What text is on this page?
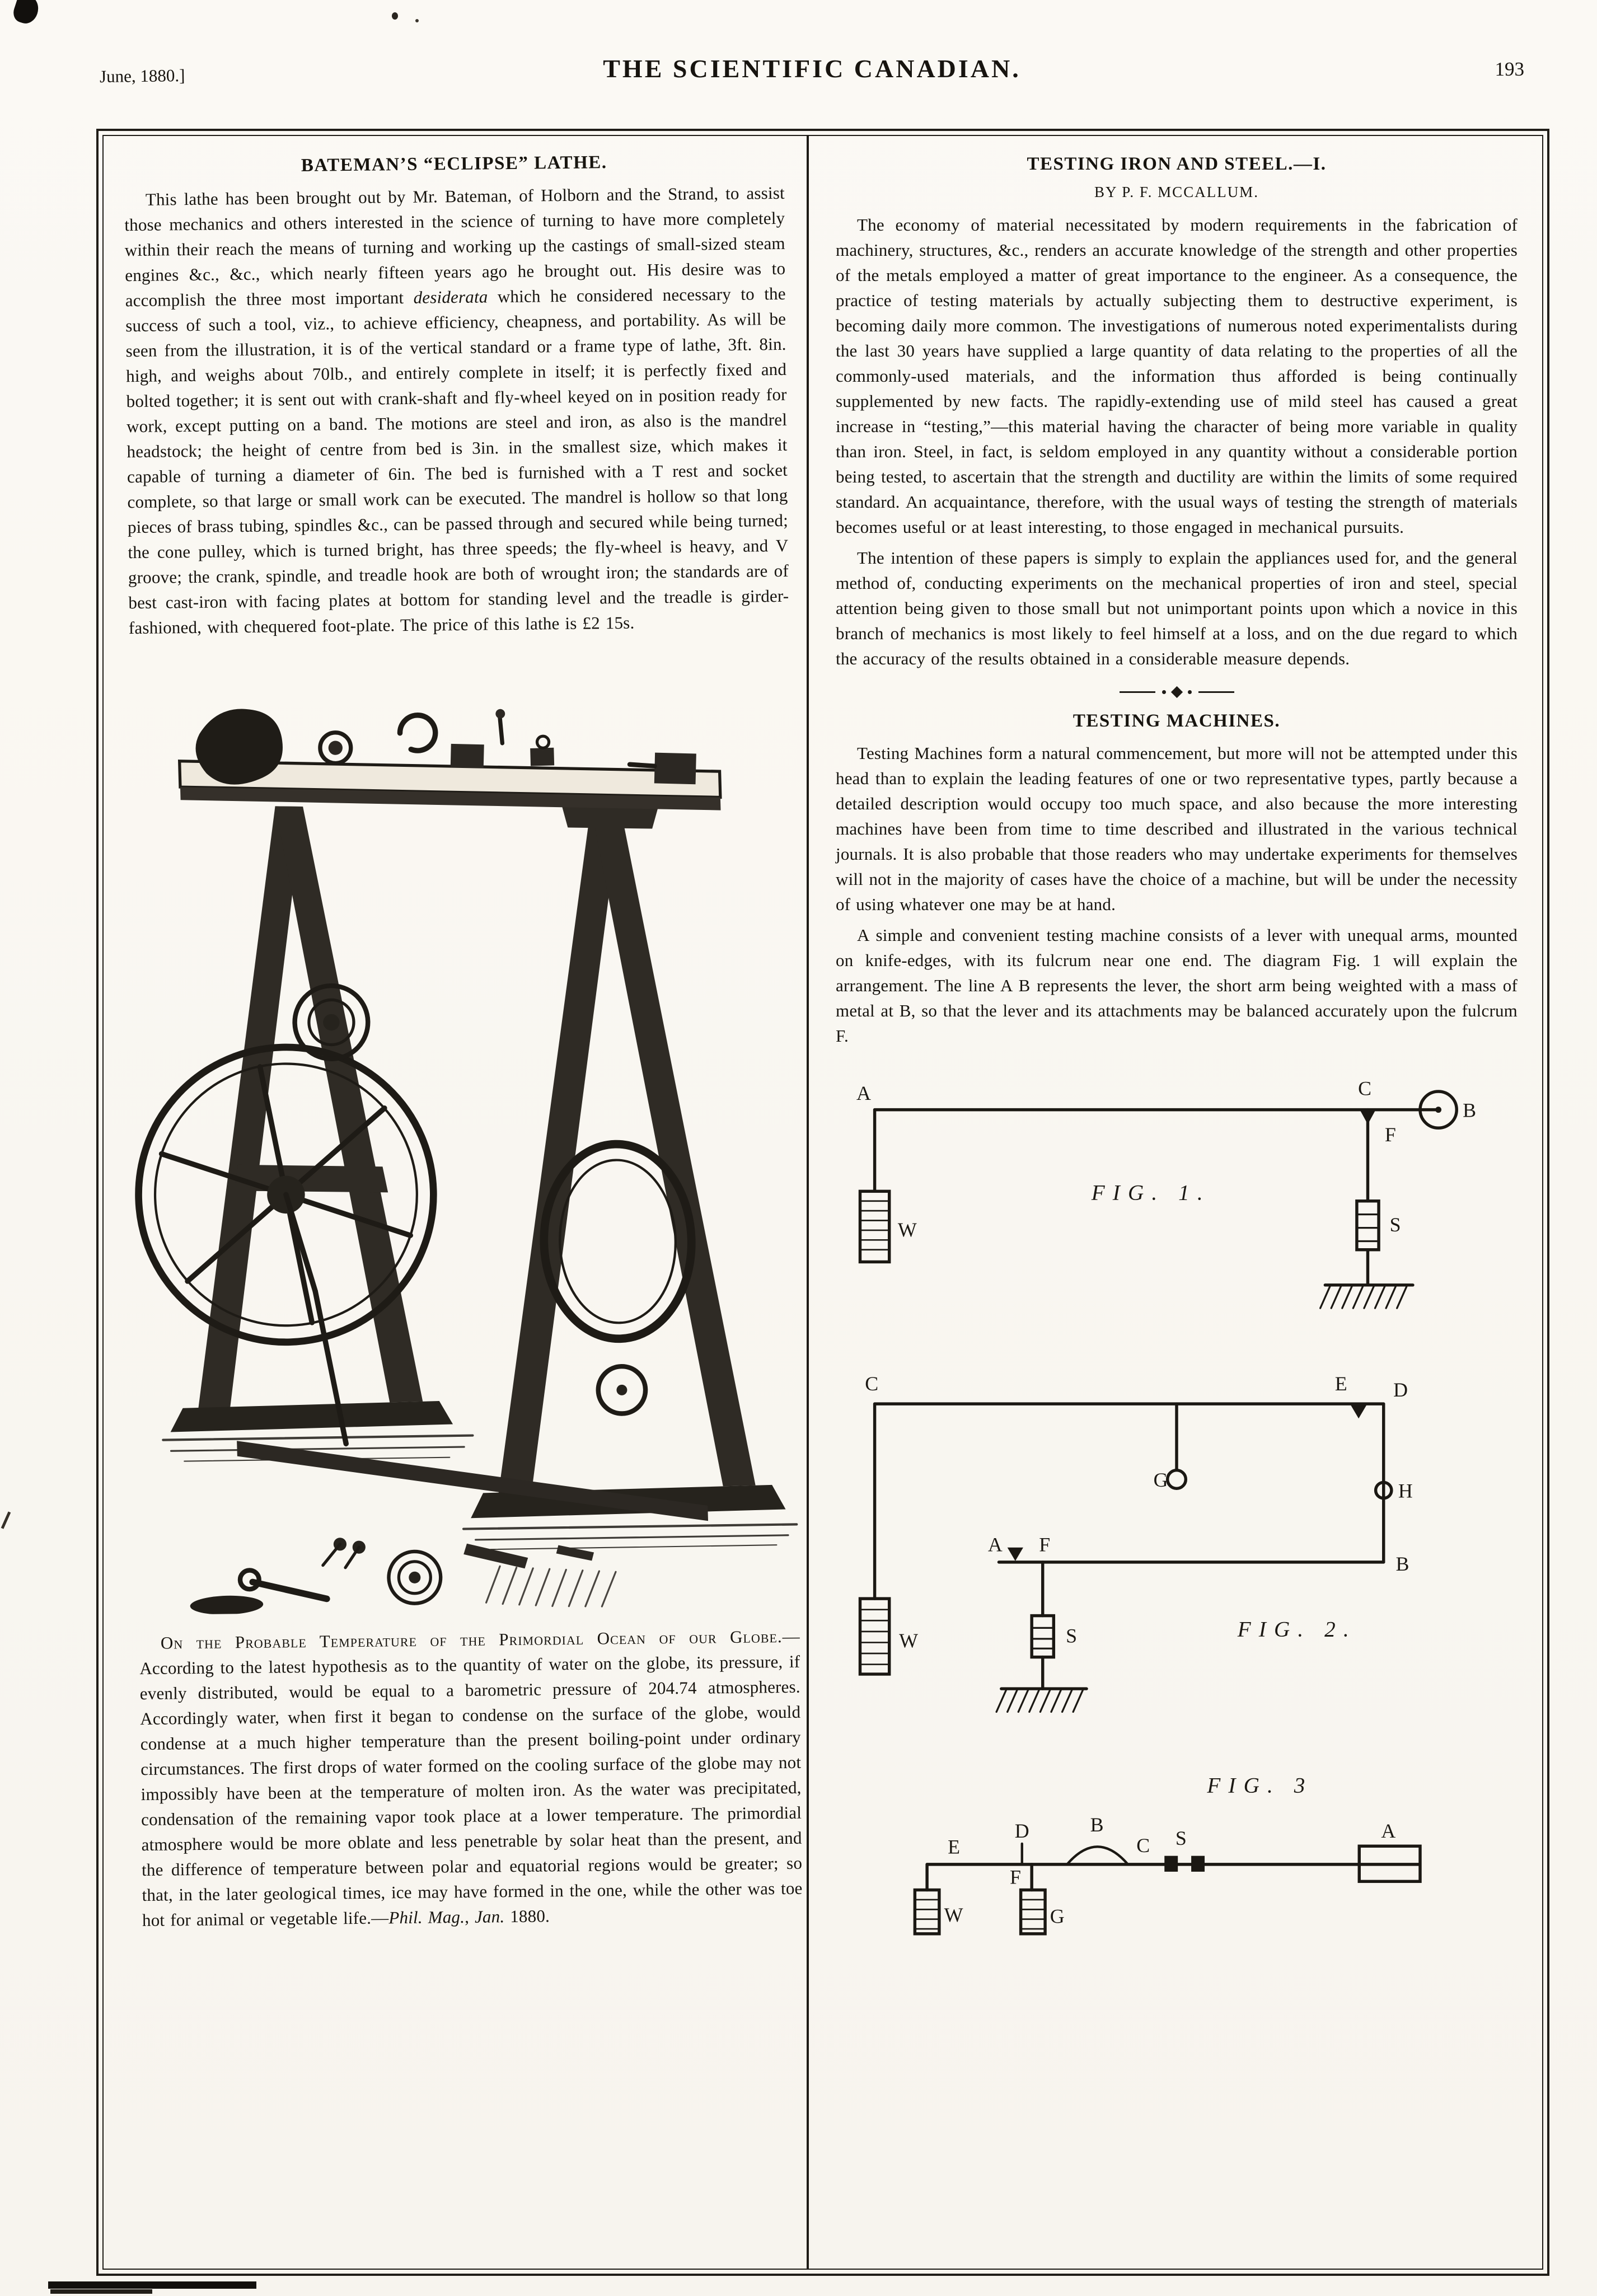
June, 1880.]	THE SCIENTIFIC CANADIAN.	193
BATEMAN’S “ECLIPSE” LATHE.

This lathe has been brought out by Mr. Bateman, of Holborn and the Strand, to assist those mechanics and others interested in the science of turning to have more completely within their reach the means of turning and working up the castings of small-sized steam engines &c., &c., which nearly fifteen years ago he brought out. His desire was to accomplish the three most important desiderata which he considered necessary to the success of such a tool, viz., to achieve efficiency, cheapness, and portability. As will be seen from the illustration, it is of the vertical standard or a frame type of lathe, 3ft. 8in. high, and weighs about 70lb., and entirely complete in itself; it is perfectly fixed and bolted together; it is sent out with crank-shaft and fly-wheel keyed on in position ready for work, except putting on a band. The motions are steel and iron, as also is the mandrel headstock; the height of centre from bed is 3in. in the smallest size, which makes it capable of turning a diameter of 6in. The bed is furnished with a T rest and socket complete, so that large or small work can be executed. The mandrel is hollow so that long pieces of brass tubing, spindles &c., can be passed through and secured while being turned; the cone pulley, which is turned bright, has three speeds; the fly-wheel is heavy, and V groove; the crank, spindle, and treadle hook are both of wrought iron; the standards are of best cast-iron with facing plates at bottom for standing level and the treadle is girder-fashioned, with chequered foot-plate. The price of this lathe is £2 15s.

On the Probable Temperature of the Primordial Ocean of our Globe.—According to the latest hypothesis as to the quantity of water on the globe, its pressure, if evenly distributed, would be equal to a barometric pressure of 204.74 atmospheres. Accordingly water, when first it began to condense on the surface of the globe, would condense at a much higher temperature than the present boiling-point under ordinary circumstances. The first drops of water formed on the cooling surface of the globe may not impossibly have been at the temperature of molten iron. As the water was precipitated, condensation of the remaining vapor took place at a lower temperature. The primordial atmosphere would be more oblate and less penetrable by solar heat than the present, and the difference of temperature between polar and equatorial regions would be greater; so that, in the later geological times, ice may have formed in the one, while the other was toe hot for animal or vegetable life.—Phil. Mag., Jan. 1880.

TESTING IRON AND STEEL.—I.
BY P. F. MCCALLUM.

The economy of material necessitated by modern requirements in the fabrication of machinery, structures, &c., renders an accurate knowledge of the strength and other properties of the metals employed a matter of great importance to the engineer. As a consequence, the practice of testing materials by actually subjecting them to destructive experiment, is becoming daily more common. The investigations of numerous noted experimentalists during the last 30 years have supplied a large quantity of data relating to the properties of all the commonly-used materials, and the information thus afforded is being continually supplemented by new facts. The rapidly-extending use of mild steel has caused a great increase in “testing,”—this material having the character of being more variable in quality than iron. Steel, in fact, is seldom employed in any quantity without a considerable portion being tested, to ascertain that the strength and ductility are within the limits of some required standard. An acquaintance, therefore, with the usual ways of testing the strength of materials becomes useful or at least interesting, to those engaged in mechanical pursuits.

The intention of these papers is simply to explain the appliances used for, and the general method of, conducting experiments on the mechanical properties of iron and steel, special attention being given to those small but not unimportant points upon which a novice in this branch of mechanics is most likely to feel himself at a loss, and on the due regard to which the accuracy of the results obtained in a considerable measure depends.

TESTING MACHINES.

Testing Machines form a natural commencement, but more will not be attempted under this head than to explain the leading features of one or two representative types, partly because a detailed description would occupy too much space, and also because the more interesting machines have been from time to time described and illustrated in the various technical journals. It is also probable that those readers who may undertake experiments for themselves will not in the majority of cases have the choice of a machine, but will be under the necessity of using whatever one may be at hand.

A simple and convenient testing machine consists of a lever with unequal arms, mounted on knife-edges, with its fulcrum near one end. The diagram Fig. 1 will explain the arrangement. The line A B represents the lever, the short arm being weighted with a mass of metal at B, so that the lever and its attachments may be balanced accurately upon the fulcrum F.

A
B
C
F
S
W
FIG. 1.
C	E D
H
B
A F
G
W	S	FIG. 2.
E
W
D
F
G
B
C S	A
FIG. 3
